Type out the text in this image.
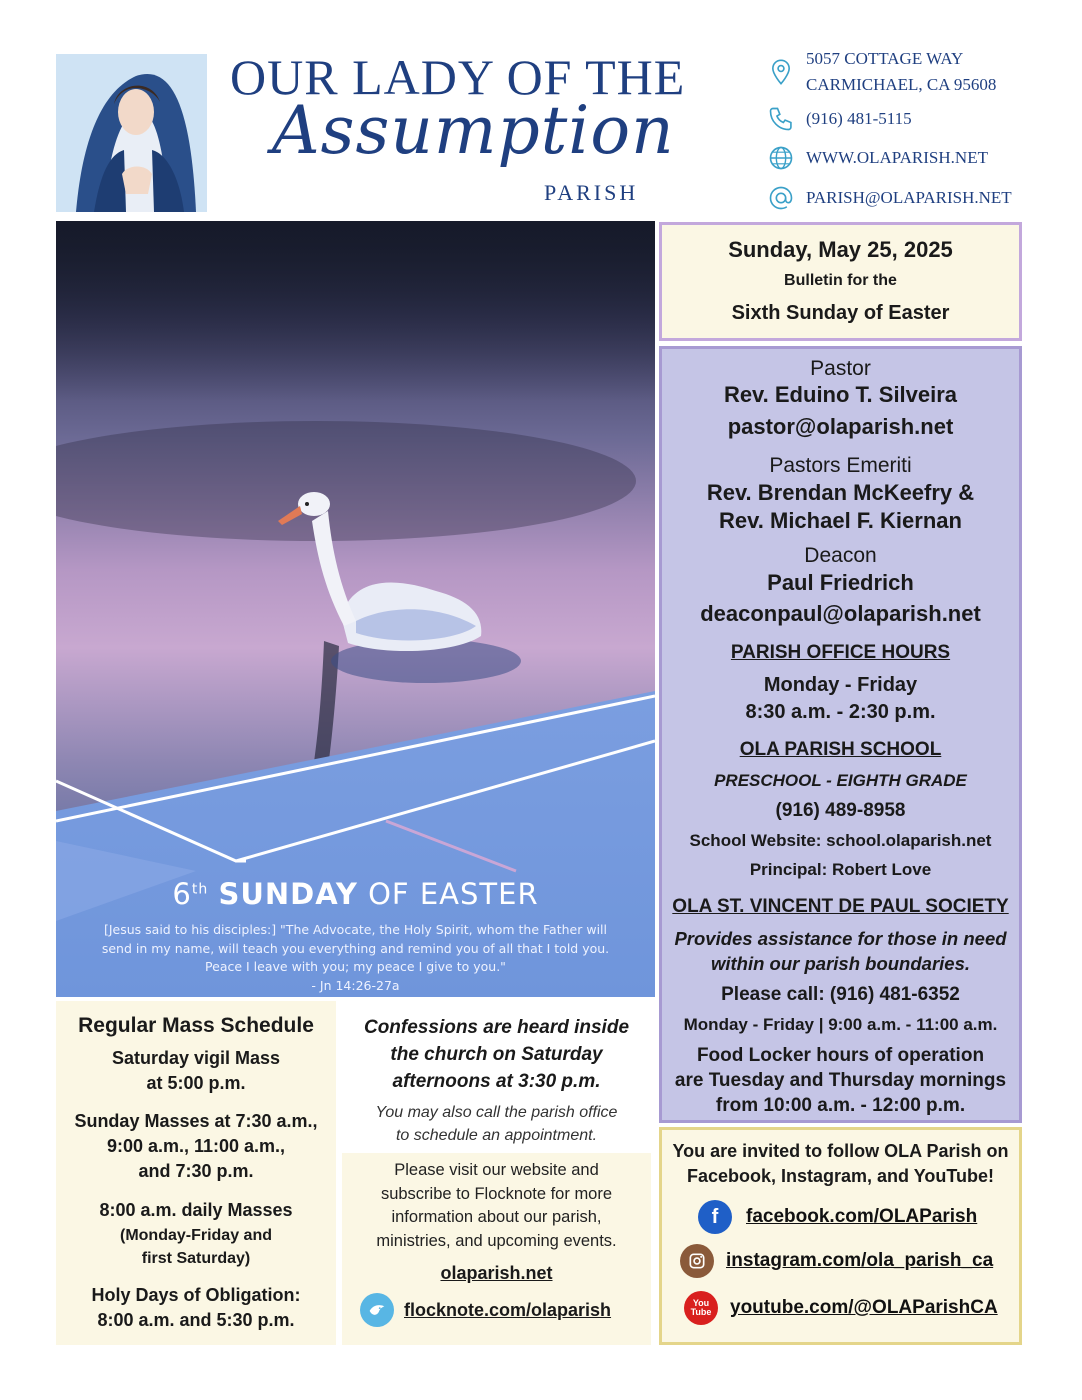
OUR LADY OF THE
Assumption
PARISH
5057 COTTAGE WAY
CARMICHAEL, CA 95608
(916) 481-5115
WWW.OLAPARISH.NET
PARISH@OLAPARISH.NET
6th SUNDAY OF EASTER
[Jesus said to his disciples:] "The Advocate, the Holy Spirit, whom the Father will
send in my name, will teach you everything and remind you of all that I told you.
Peace I leave with you; my peace I give to you."
- Jn 14:26-27a
Sunday, May 25, 2025
Bulletin for the
Sixth Sunday of Easter
Pastor
Rev. Eduino T. Silveira
pastor@olaparish.net
Pastors Emeriti
Rev. Brendan McKeefry &
Rev. Michael F. Kiernan
Deacon
Paul Friedrich
deaconpaul@olaparish.net
PARISH OFFICE HOURS
Monday - Friday
8:30 a.m. - 2:30 p.m.
OLA PARISH SCHOOL
PRESCHOOL - EIGHTH GRADE
(916) 489-8958
School Website: school.olaparish.net
Principal: Robert Love
OLA ST. VINCENT DE PAUL SOCIETY
Provides assistance for those in need
within our parish boundaries.
Please call: (916) 481-6352
Monday - Friday | 9:00 a.m. - 11:00 a.m.
Food Locker hours of operation
are Tuesday and Thursday mornings
from 10:00 a.m. - 12:00 p.m.
You are invited to follow OLA Parish on
Facebook, Instagram, and YouTube!
f	facebook.com/OLAParish
instagram.com/ola_parish_ca
You
Tube youtube.com/@OLAParishCA
Regular Mass Schedule
Saturday vigil Mass
at 5:00 p.m.
Sunday Masses at 7:30 a.m.,
9:00 a.m., 11:00 a.m.,
and 7:30 p.m.
8:00 a.m. daily Masses
(Monday-Friday and
first Saturday)
Holy Days of Obligation:
8:00 a.m. and 5:30 p.m.
Confessions are heard inside
the church on Saturday
afternoons at 3:30 p.m.
You may also call the parish office
to schedule an appointment.
Please visit our website and
subscribe to Flocknote for more
information about our parish,
ministries, and upcoming events.
olaparish.net
flocknote.com/olaparish
